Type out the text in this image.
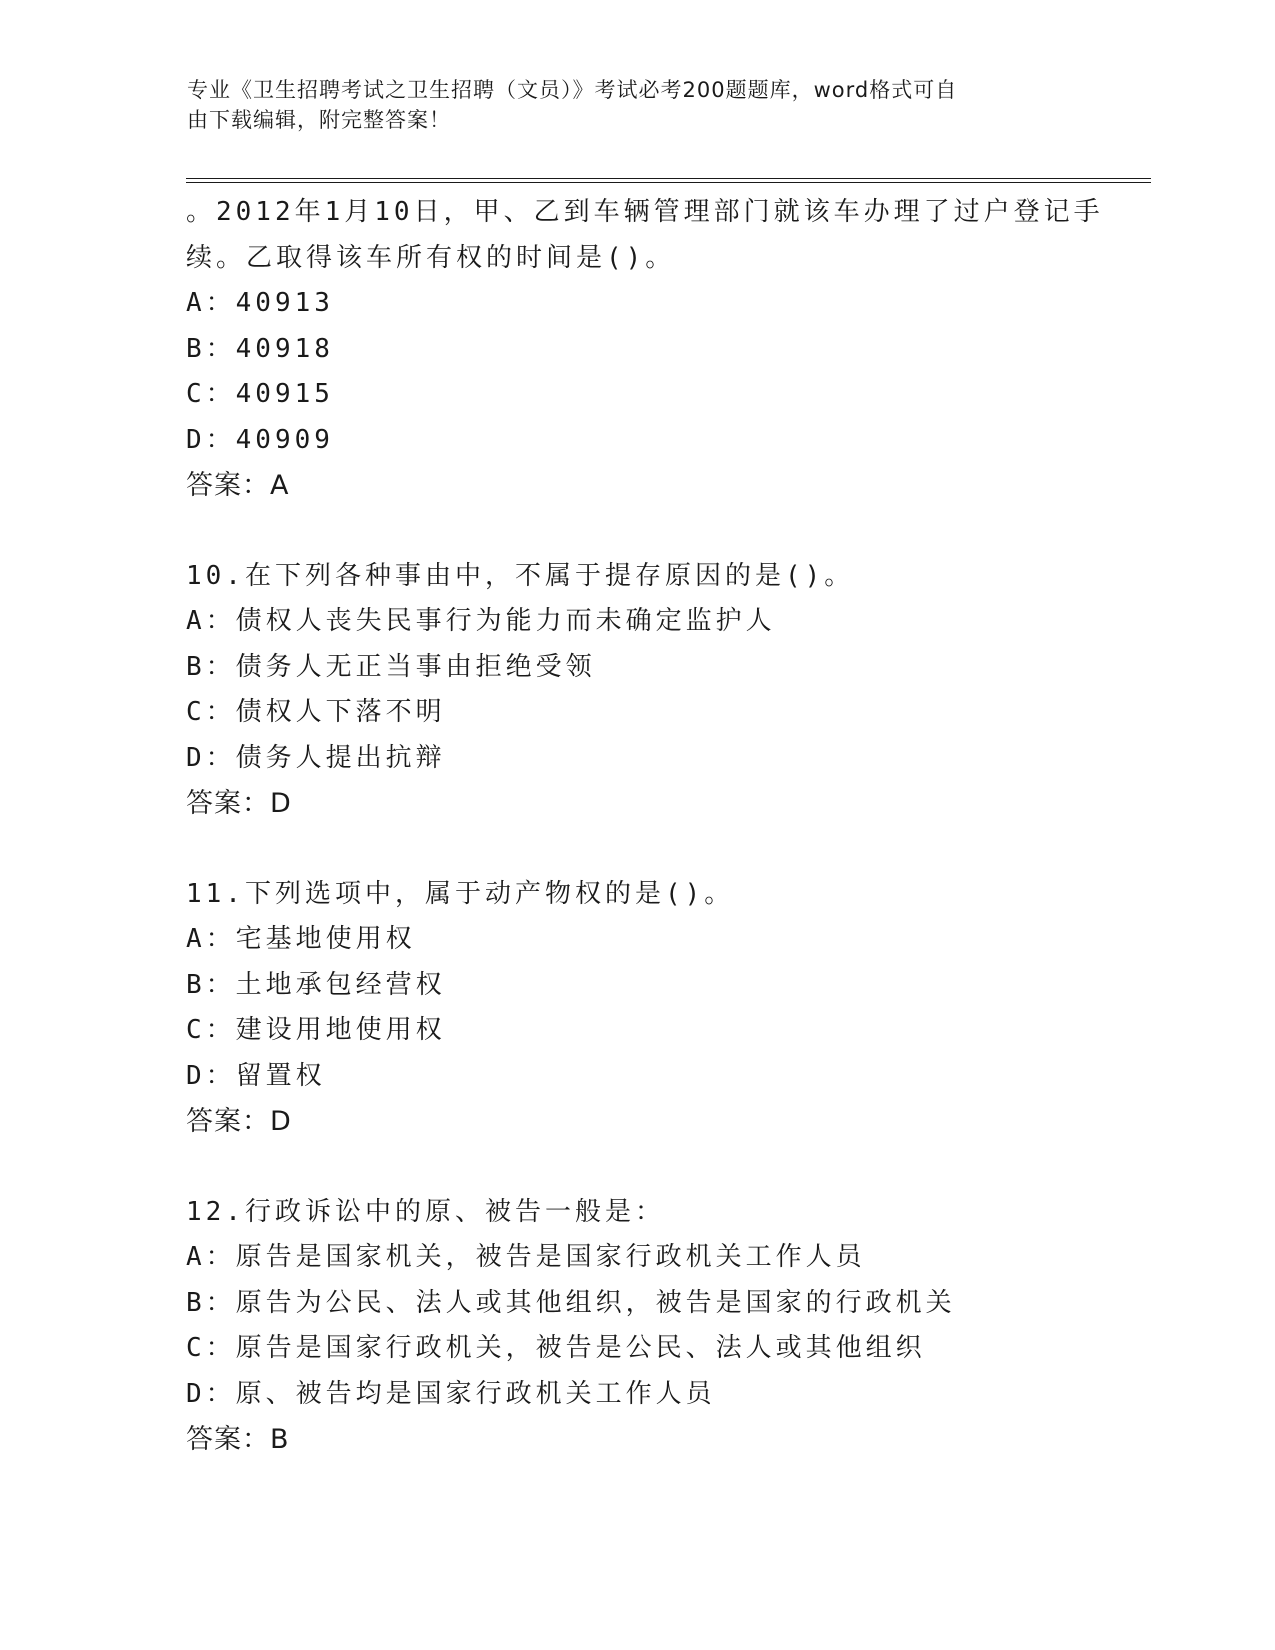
专业《卫生招聘考试之卫生招聘（文员）》考试必考200题题库，word格式可自
由下载编辑，附完整答案！
。2012年1月10日，甲、乙到车辆管理部门就该车办理了过户登记手
续。乙取得该车所有权的时间是()。
A：40913
B：40918
C：40915
D：40909
答案：A
10.在下列各种事由中，不属于提存原因的是()。
A：债权人丧失民事行为能力而未确定监护人
B：债务人无正当事由拒绝受领
C：债权人下落不明
D：债务人提出抗辩
答案：D
11.下列选项中，属于动产物权的是()。
A：宅基地使用权
B：土地承包经营权
C：建设用地使用权
D：留置权
答案：D
12.行政诉讼中的原、被告一般是：
A：原告是国家机关，被告是国家行政机关工作人员
B：原告为公民、法人或其他组织，被告是国家的行政机关
C：原告是国家行政机关，被告是公民、法人或其他组织
D：原、被告均是国家行政机关工作人员
答案：B
